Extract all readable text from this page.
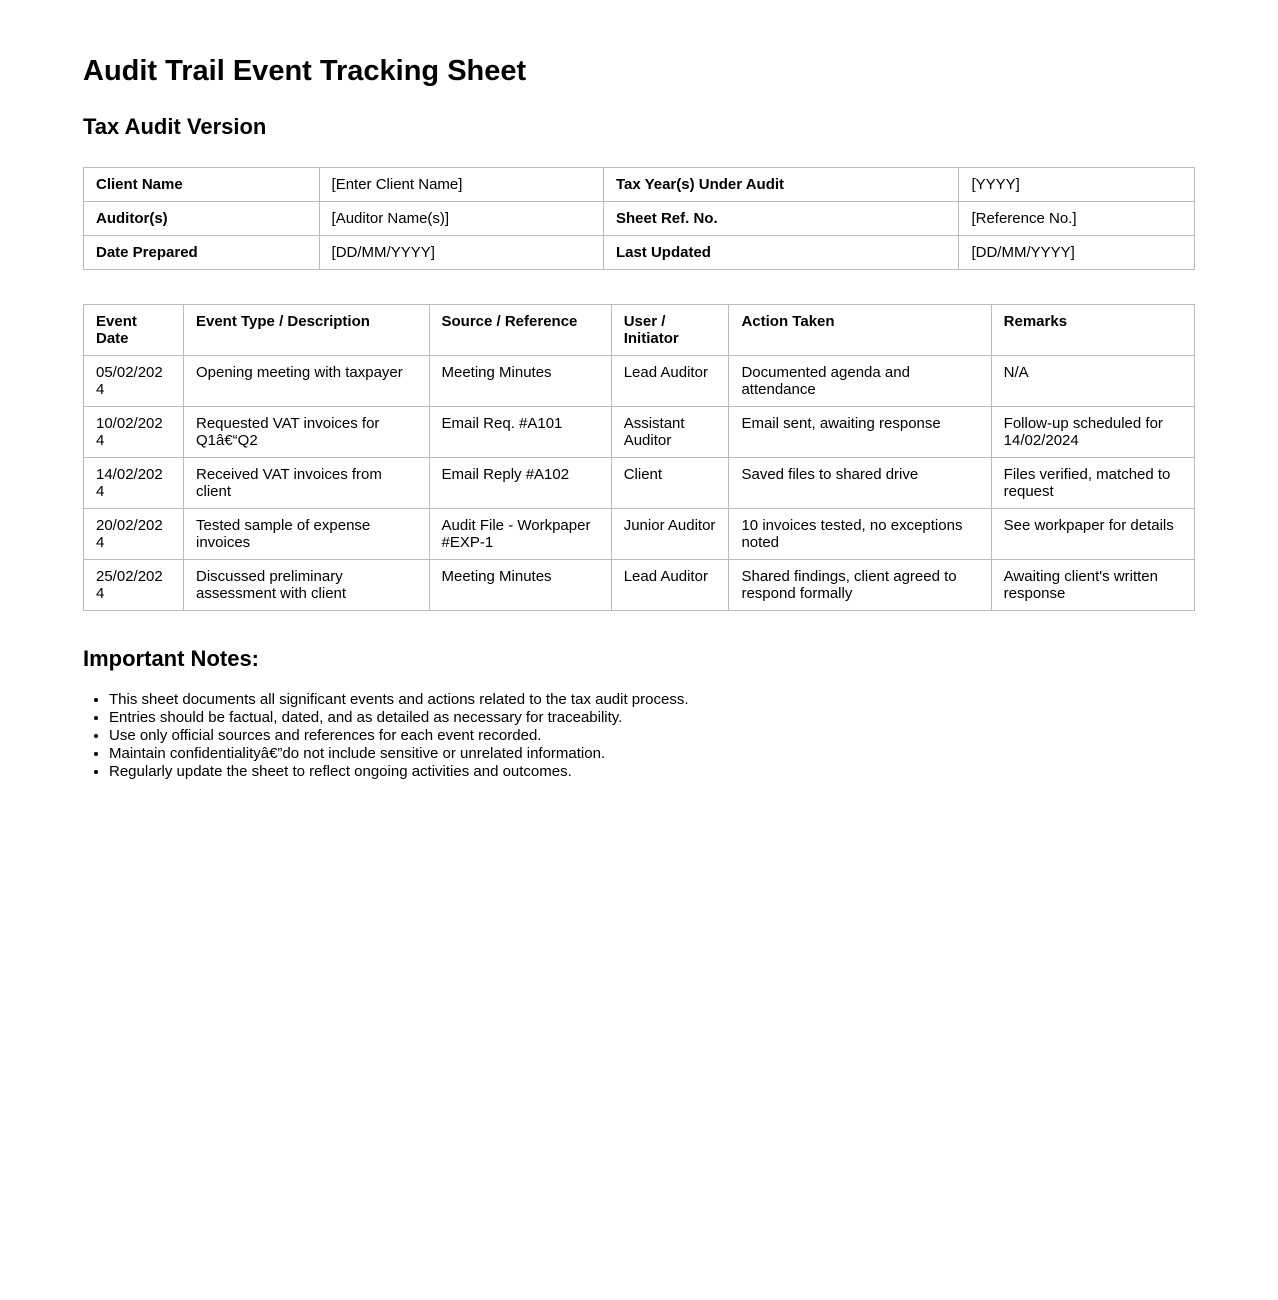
Audit Trail Event Tracking Sheet
Tax Audit Version
Client Name	[Enter Client Name]	Tax Year(s) Under Audit	[YYYY]
Auditor(s)	[Auditor Name(s)]	Sheet Ref. No.	[Reference No.]
Date Prepared	[DD/MM/YYYY]	Last Updated	[DD/MM/YYYY]
Event Date	Event Type / Description	Source / Reference	User / Initiator	Action Taken	Remarks
05/02/2024	Opening meeting with taxpayer	Meeting Minutes	Lead Auditor	Documented agenda and attendance	N/A
10/02/2024	Requested VAT invoices for Q1â€“Q2	Email Req. #A101	Assistant Auditor	Email sent, awaiting response	Follow-up scheduled for 14/02/2024
14/02/2024	Received VAT invoices from client	Email Reply #A102	Client	Saved files to shared drive	Files verified, matched to request
20/02/2024	Tested sample of expense invoices	Audit File - Workpaper #EXP-1	Junior Auditor	10 invoices tested, no exceptions noted	See workpaper for details
25/02/2024	Discussed preliminary assessment with client	Meeting Minutes	Lead Auditor	Shared findings, client agreed to respond formally	Awaiting client's written response
Important Notes:
• This sheet documents all significant events and actions related to the tax audit process.
• Entries should be factual, dated, and as detailed as necessary for traceability.
• Use only official sources and references for each event recorded.
• Maintain confidentialityâ€”do not include sensitive or unrelated information.
• Regularly update the sheet to reflect ongoing activities and outcomes.
